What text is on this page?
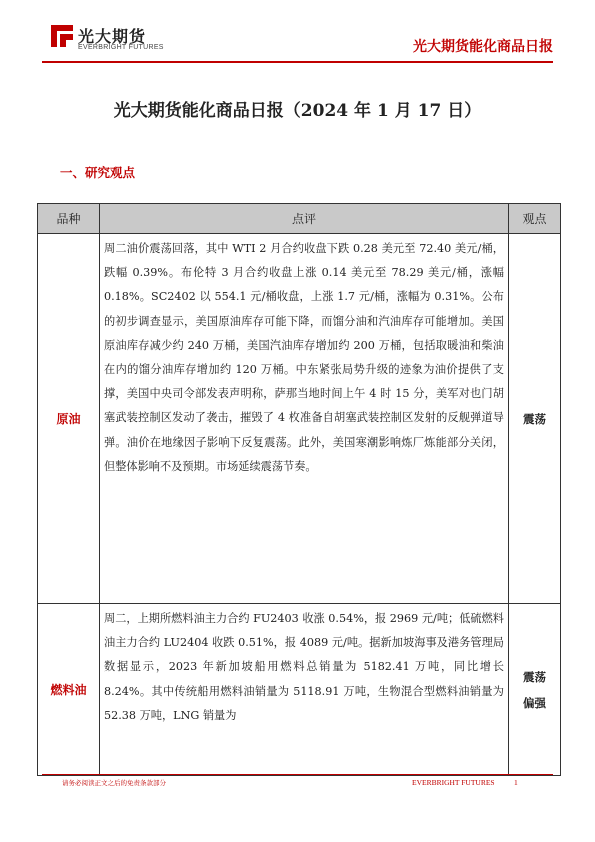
光大期货
EVERBRIGHT FUTURES	光大期货能化商品日报
光大期货能化商品日报（2024 年 1 月 17 日）
一、研究观点
品种	点评	观点
原油	周二油价震荡回落，其中 WTI 2 月合约收盘下跌 0.28 美元至 72.40 美元/桶，跌幅 0.39%。布伦特 3 月合约收盘上涨 0.14 美元至 78.29 美元/桶，涨幅 0.18%。SC2402 以 554.1 元/桶收盘，上涨 1.7 元/桶，涨幅为 0.31%。公布的初步调查显示，美国原油库存可能下降，而馏分油和汽油库存可能增加。美国原油库存减少约 240 万桶，美国汽油库存增加约 200 万桶，包括取暖油和柴油在内的馏分油库存增加约 120 万桶。中东紧张局势升级的迹象为油价提供了支撑，美国中央司令部发表声明称，萨那当地时间上午 4 时 15 分，美军对也门胡塞武装控制区发动了袭击，摧毁了 4 枚准备自胡塞武装控制区发射的反舰弹道导弹。油价在地缘因子影响下反复震荡。此外，美国寒潮影响炼厂炼能部分关闭，但整体影响不及预期。市场延续震荡节奏。	震荡
燃料油	周二，上期所燃料油主力合约 FU2403 收涨 0.54%，报 2969 元/吨；低硫燃料油主力合约 LU2404 收跌 0.51%，报 4089 元/吨。据新加坡海事及港务管理局数据显示，2023 年新加坡船用燃料总销量为 5182.41 万吨，同比增长 8.24%。其中传统船用燃料油销量为 5118.91 万吨，生物混合型燃料油销量为 52.38 万吨，LNG 销量为	震荡
偏强
请务必阅读正文之后的免责条款部分	EVERBRIGHT FUTURES	1
